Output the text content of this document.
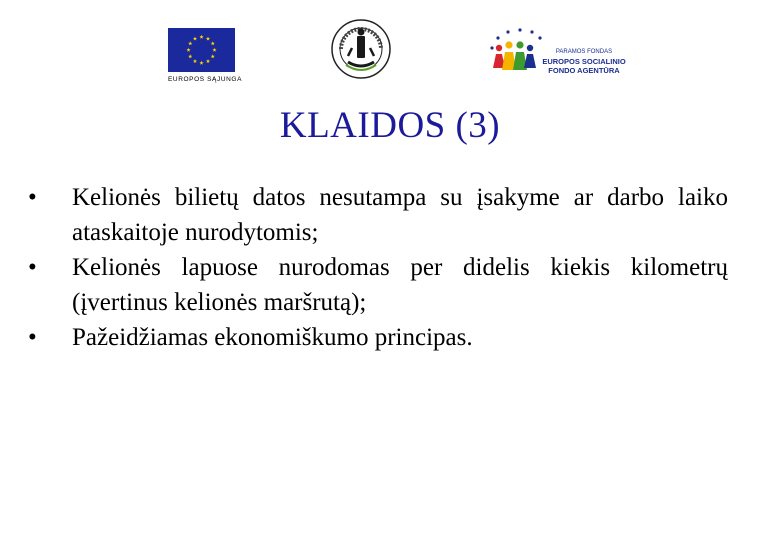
EUROPOS SĄJUNGA
PARAMOS FONDAS
EUROPOS SOCIALINIO
FONDO AGENTŪRA
KLAIDOS (3)
•	Kelionės bilietų datos nesutampa su įsakyme ar darbo laiko ataskaitoje nurodytomis;
•	Kelionės lapuose nurodomas per didelis kiekis kilometrų (įvertinus kelionės maršrutą);
•	Pažeidžiamas ekonomiškumo principas.
